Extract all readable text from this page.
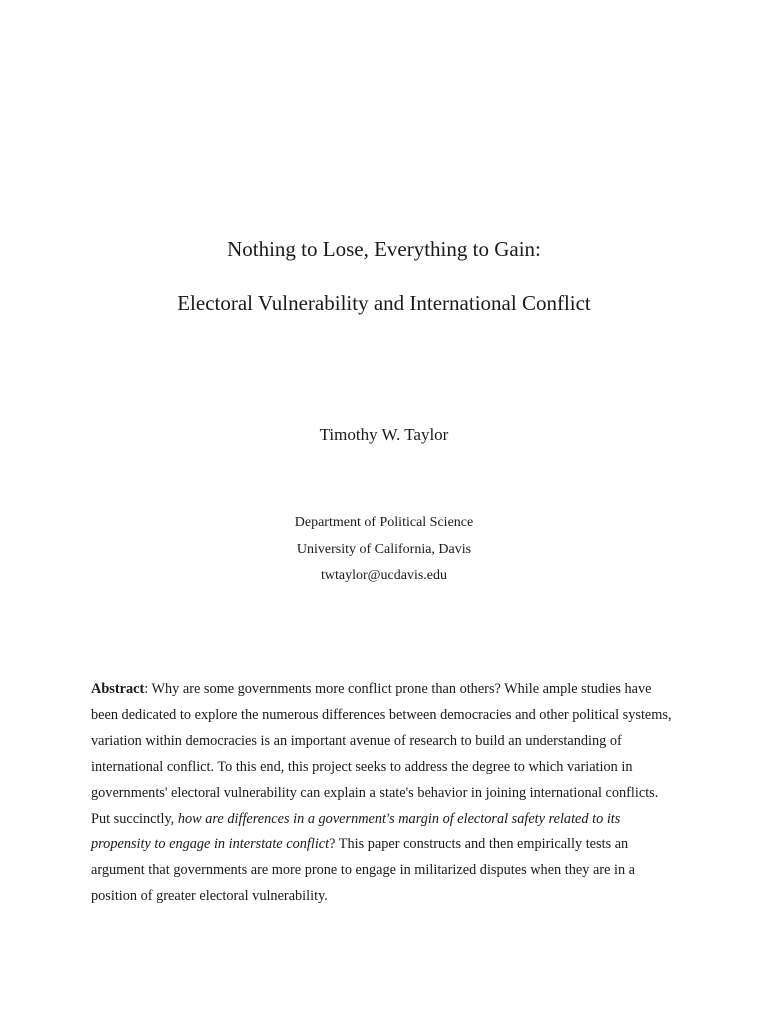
Nothing to Lose, Everything to Gain:
Electoral Vulnerability and International Conflict
Timothy W. Taylor
Department of Political Science
University of California, Davis
twtaylor@ucdavis.edu
Abstract: Why are some governments more conflict prone than others? While ample studies have
been dedicated to explore the numerous differences between democracies and other political systems,
variation within democracies is an important avenue of research to build an understanding of
international conflict. To this end, this project seeks to address the degree to which variation in
governments' electoral vulnerability can explain a state's behavior in joining international conflicts.
Put succinctly, how are differences in a government's margin of electoral safety related to its
propensity to engage in interstate conflict? This paper constructs and then empirically tests an
argument that governments are more prone to engage in militarized disputes when they are in a
position of greater electoral vulnerability.
